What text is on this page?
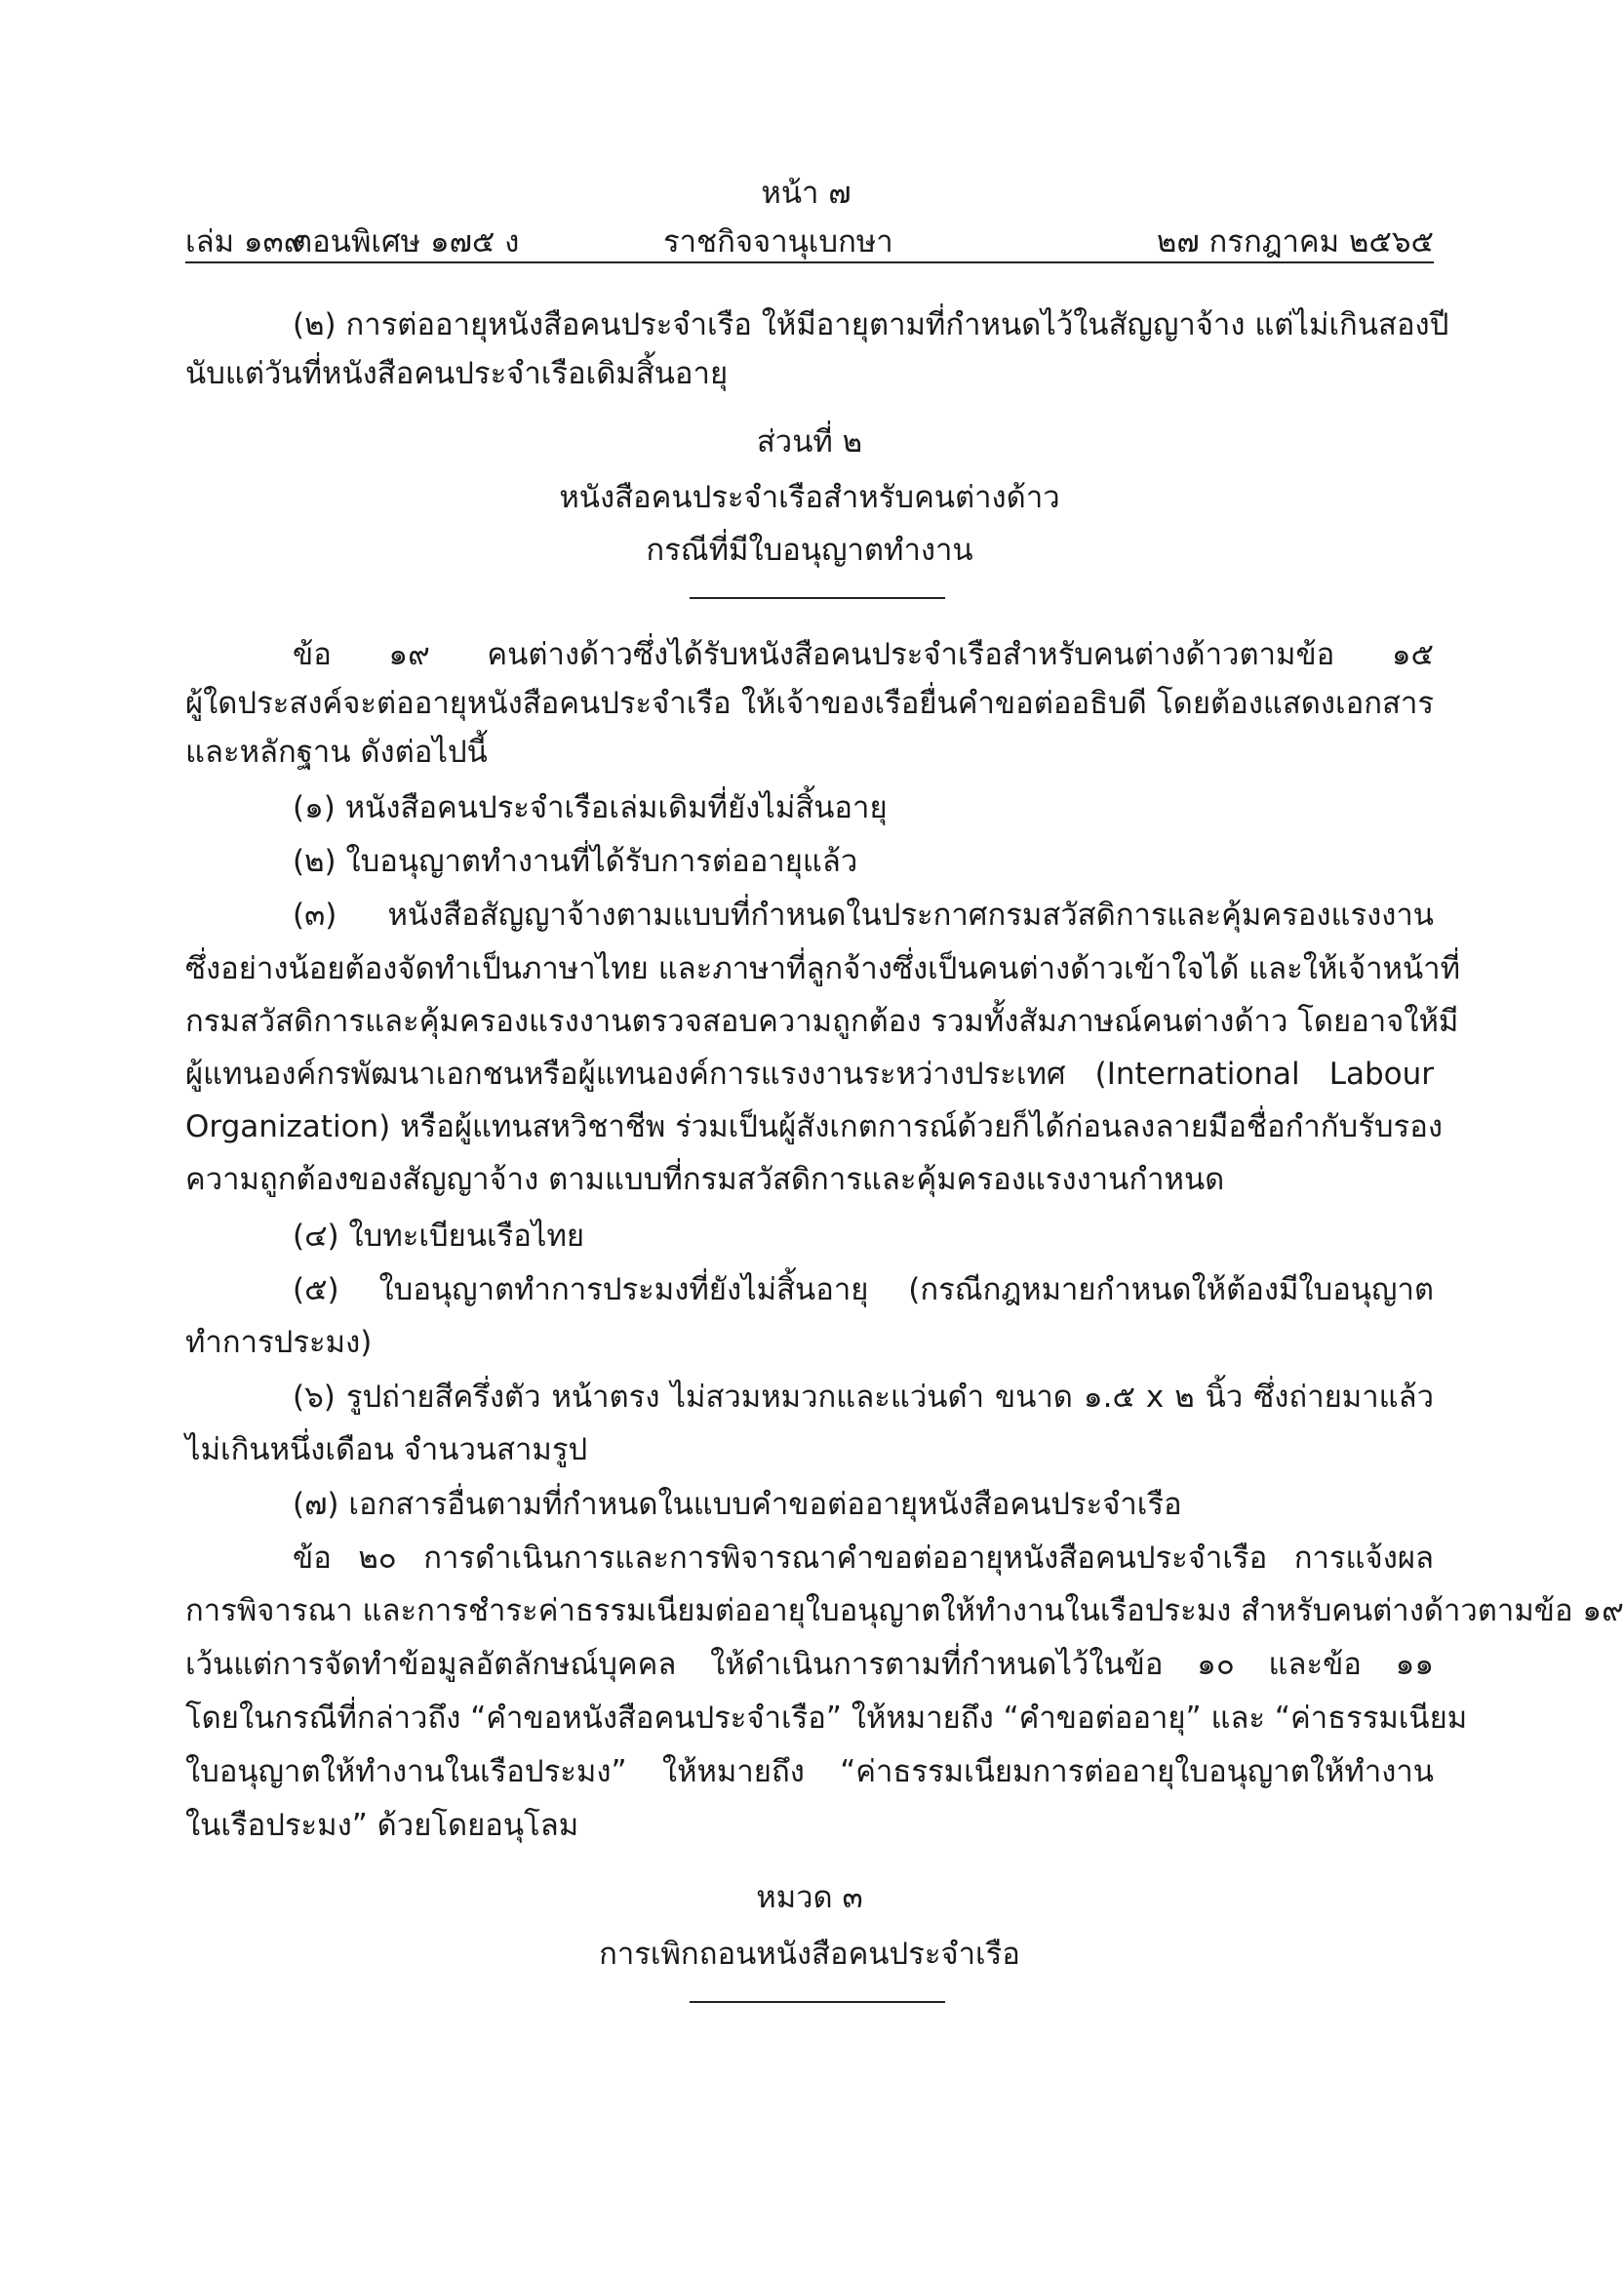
หน้า ๗
เล่ม ๑๓๙
ตอนพิเศษ ๑๗๕ ง	ราชกิจจานุเบกษา	๒๗ กรกฎาคม ๒๕๖๕
(๒) การต่ออายุหนังสือคนประจำเรือ ให้มีอายุตามที่กำหนดไว้ในสัญญาจ้าง แต่ไม่เกินสองปี
นับแต่วันที่หนังสือคนประจำเรือเดิมสิ้นอายุ
ส่วนที่ ๒
หนังสือคนประจำเรือสำหรับคนต่างด้าว
กรณีที่มีใบอนุญาตทำงาน
ข้อ ๑๙ คนต่างด้าวซึ่งได้รับหนังสือคนประจำเรือสำหรับคนต่างด้าวตามข้อ ๑๕
ผู้ใดประสงค์จะต่ออายุหนังสือคนประจำเรือ ให้เจ้าของเรือยื่นคำขอต่ออธิบดี โดยต้องแสดงเอกสาร
และหลักฐาน ดังต่อไปนี้
(๑) หนังสือคนประจำเรือเล่มเดิมที่ยังไม่สิ้นอายุ
(๒) ใบอนุญาตทำงานที่ได้รับการต่ออายุแล้ว
(๓) หนังสือสัญญาจ้างตามแบบที่กำหนดในประกาศกรมสวัสดิการและคุ้มครองแรงงาน
ซึ่งอย่างน้อยต้องจัดทำเป็นภาษาไทย และภาษาที่ลูกจ้างซึ่งเป็นคนต่างด้าวเข้าใจได้ และให้เจ้าหน้าที่
กรมสวัสดิการและคุ้มครองแรงงานตรวจสอบความถูกต้อง รวมทั้งสัมภาษณ์คนต่างด้าว โดยอาจให้มี
ผู้แทนองค์กรพัฒนาเอกชนหรือผู้แทนองค์การแรงงานระหว่างประเทศ (International Labour
Organization) หรือผู้แทนสหวิชาชีพ ร่วมเป็นผู้สังเกตการณ์ด้วยก็ได้ก่อนลงลายมือชื่อกำกับรับรอง
ความถูกต้องของสัญญาจ้าง ตามแบบที่กรมสวัสดิการและคุ้มครองแรงงานกำหนด
(๔) ใบทะเบียนเรือไทย
(๕) ใบอนุญาตทำการประมงที่ยังไม่สิ้นอายุ (กรณีกฎหมายกำหนดให้ต้องมีใบอนุญาต
ทำการประมง)
(๖) รูปถ่ายสีครึ่งตัว หน้าตรง ไม่สวมหมวกและแว่นดำ ขนาด ๑.๕ x ๒ นิ้ว ซึ่งถ่ายมาแล้ว
ไม่เกินหนึ่งเดือน จำนวนสามรูป
(๗) เอกสารอื่นตามที่กำหนดในแบบคำขอต่ออายุหนังสือคนประจำเรือ
ข้อ ๒๐ การดำเนินการและการพิจารณาคำขอต่ออายุหนังสือคนประจำเรือ การแจ้งผล
การพิจารณา และการชำระค่าธรรมเนียมต่ออายุใบอนุญาตให้ทำงานในเรือประมง สำหรับคนต่างด้าวตามข้อ ๑๙
เว้นแต่การจัดทำข้อมูลอัตลักษณ์บุคคล ให้ดำเนินการตามที่กำหนดไว้ในข้อ ๑๐ และข้อ ๑๑
โดยในกรณีที่กล่าวถึง “คำขอหนังสือคนประจำเรือ” ให้หมายถึง “คำขอต่ออายุ” และ “ค่าธรรมเนียม
ใบอนุญาตให้ทำงานในเรือประมง” ให้หมายถึง “ค่าธรรมเนียมการต่ออายุใบอนุญาตให้ทำงาน
ในเรือประมง” ด้วยโดยอนุโลม
หมวด ๓
การเพิกถอนหนังสือคนประจำเรือ
